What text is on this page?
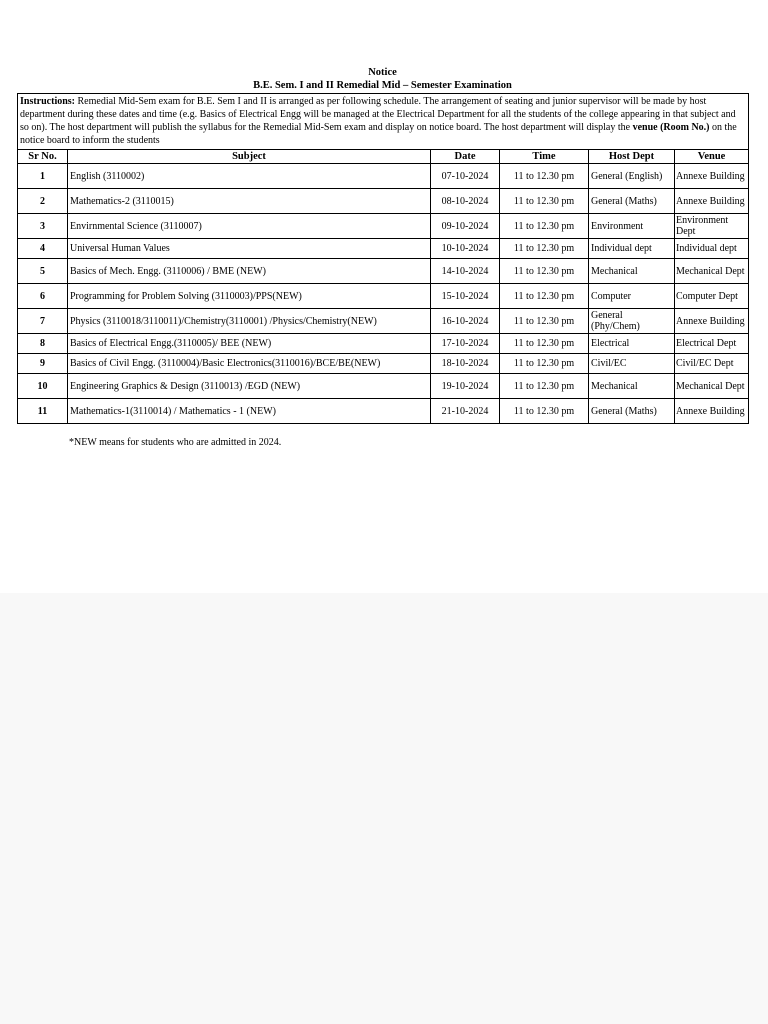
Notice

B.E. Sem. I and II Remedial Mid – Semester Examination

Instructions: Remedial Mid-Sem exam for B.E. Sem I and II is arranged as per following schedule. The arrangement of seating and junior supervisor will be made by host department during these dates and time (e.g. Basics of Electrical Engg will be managed at the Electrical Department for all the students of the college appearing in that subject and so on). The host department will publish the syllabus for the Remedial Mid-Sem exam and display on notice board. The host department will display the venue (Room No.) on the notice board to inform the students					
Sr No.	Subject	Date	Time	Host Dept	Venue
1	English (3110002)	07-10-2024	11 to 12.30 pm	General (English)	Annexe Building
2	Mathematics-2 (3110015)	08-10-2024	11 to 12.30 pm	General (Maths)	Annexe Building
3	Envirnmental Science (3110007)	09-10-2024	11 to 12.30 pm	Environment	Environment Dept
4	Universal Human Values	10-10-2024	11 to 12.30 pm	Individual dept	Individual dept
5	Basics of Mech. Engg. (3110006) / BME (NEW)	14-10-2024	11 to 12.30 pm	Mechanical	Mechanical Dept
6	Programming for Problem Solving (3110003)/PPS(NEW)	15-10-2024	11 to 12.30 pm	Computer	Computer Dept
7	Physics (3110018/3110011)/Chemistry(3110001) /Physics/Chemistry(NEW)	16-10-2024	11 to 12.30 pm	General (Phy/Chem)	Annexe Building
8	Basics of Electrical Engg.(3110005)/ BEE (NEW)	17-10-2024	11 to 12.30 pm	Electrical	Electrical Dept
9	Basics of Civil Engg. (3110004)/Basic Electronics(3110016)/BCE/BE(NEW)	18-10-2024	11 to 12.30 pm	Civil/EC	Civil/EC Dept
10	Engineering Graphics & Design (3110013) /EGD (NEW)	19-10-2024	11 to 12.30 pm	Mechanical	Mechanical Dept
11	Mathematics-1(3110014) / Mathematics - 1 (NEW)	21-10-2024	11 to 12.30 pm	General (Maths)	Annexe Building

*NEW means for students who are admitted in 2024.
